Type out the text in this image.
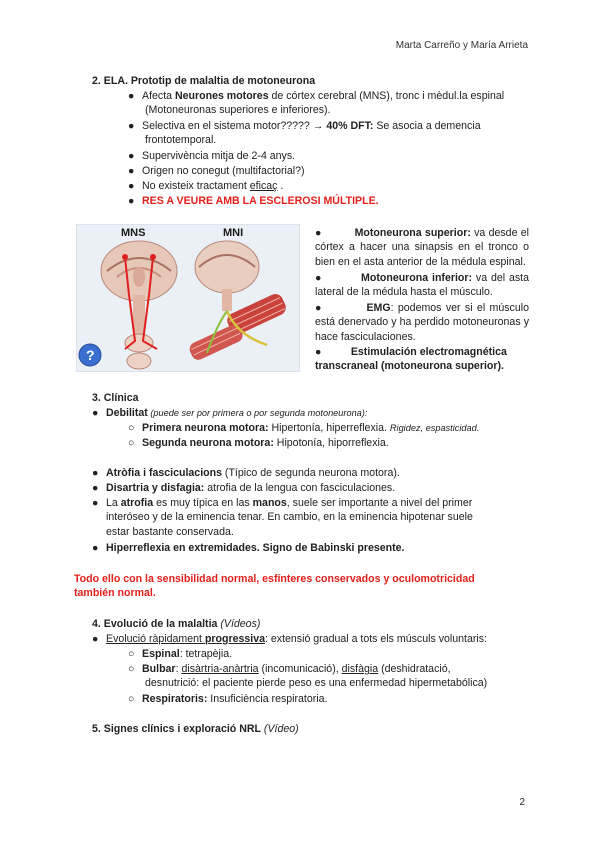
Marta Carreño y María Arrieta
2. ELA. Prototip de malaltia de motoneurona
● Afecta Neurones motores de córtex cerebral (MNS), tronc i mèdul.la espinal
(Motoneuronas superiores e inferiores).
● Selectiva en el sistema motor????? → 40% DFT: Se asocia a demencia
frontotemporal.
● Supervivència mitja de 2-4 anys.
● Origen no conegut (multifactorial?)
● No existeix tractament eficaç .
● RES A VEURE AMB LA ESCLEROSI MÚLTIPLE.
MNS	MNI
?
●	Motoneurona superior: va desde el córtex a hacer una sinapsis en el tronco o bien en el asta anterior de la médula espinal.
●	Motoneurona inferior: va del asta lateral de la médula hasta el músculo.
●	EMG: podemos ver si el músculo está denervado y ha perdido motoneuronas y hace fasciculaciones.
●	Estimulación electromagnética transcraneal (motoneurona superior).
3. Clínica
● Debilitat (puede ser por primera o por segunda motoneurona):
○ Primera neurona motora: Hipertonía, hiperreflexia. Rigidez, espasticidad.
○ Segunda neurona motora: Hipotonía, hiporreflexia.
● Atròfia i fasciculacions (Típico de segunda neurona motora).
● Disartria y disfagia: atrofia de la lengua con fasciculaciones.
● La atrofia es muy típica en las manos, suele ser importante a nivel del primer
interóseo y de la eminencia tenar. En cambio, en la eminencia hipotenar suele
estar bastante conservada.
● Hiperreflexia en extremidades. Signo de Babinski presente.
Todo ello con la sensibilidad normal, esfínteres conservados y oculomotricidad
también normal.
4. Evolució de la malaltia (Vídeos)
● Evolució ràpidament progressiva: extensió gradual a tots els músculs voluntaris:
○ Espinal: tetrapèjia.
○ Bulbar: disàrtria-anàrtria (incomunicació), disfàgia (deshidratació,
desnutrició: el paciente pierde peso es una enfermedad hipermetabólica)
○ Respiratoris: Insuficiència respiratoria.
5. Signes clínics i exploració NRL (Vídeo)
2
